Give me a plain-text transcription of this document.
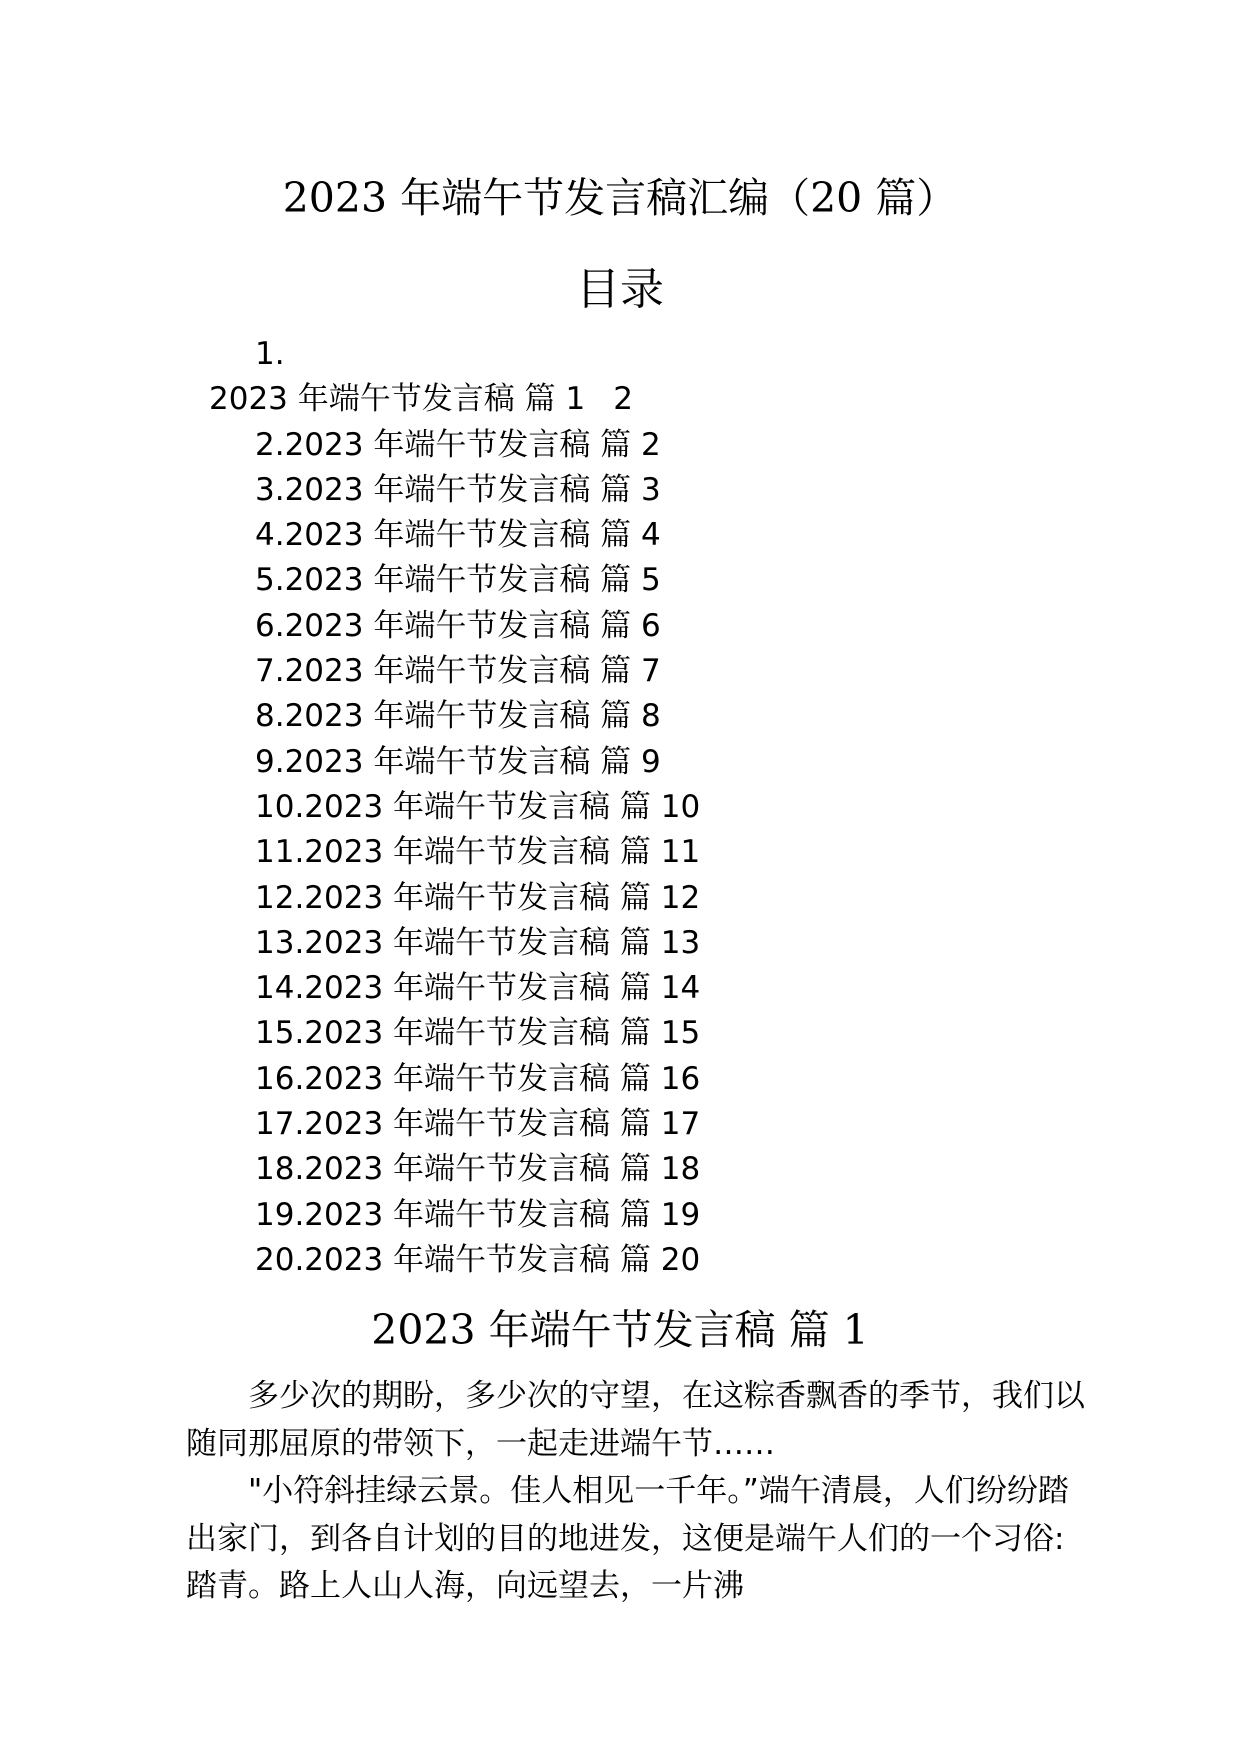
2023 年端午节发言稿汇编（20 篇）
目录
1.
2023 年端午节发言稿 篇 1 2
2.2023 年端午节发言稿 篇 2
3.2023 年端午节发言稿 篇 3
4.2023 年端午节发言稿 篇 4
5.2023 年端午节发言稿 篇 5
6.2023 年端午节发言稿 篇 6
7.2023 年端午节发言稿 篇 7
8.2023 年端午节发言稿 篇 8
9.2023 年端午节发言稿 篇 9
10.2023 年端午节发言稿 篇 10
11.2023 年端午节发言稿 篇 11
12.2023 年端午节发言稿 篇 12
13.2023 年端午节发言稿 篇 13
14.2023 年端午节发言稿 篇 14
15.2023 年端午节发言稿 篇 15
16.2023 年端午节发言稿 篇 16
17.2023 年端午节发言稿 篇 17
18.2023 年端午节发言稿 篇 18
19.2023 年端午节发言稿 篇 19
20.2023 年端午节发言稿 篇 20
2023 年端午节发言稿 篇 1

多少次的期盼，多少次的守望，在这粽香飘香的季节，我们以随同那屈原的带领下，一起走进端午节……

"小符斜挂绿云景。佳人相见一千年。”端午清晨，人们纷纷踏出家门，到各自计划的目的地进发，这便是端午人们的一个习俗: 踏青。路上人山人海，向远望去，一片沸
